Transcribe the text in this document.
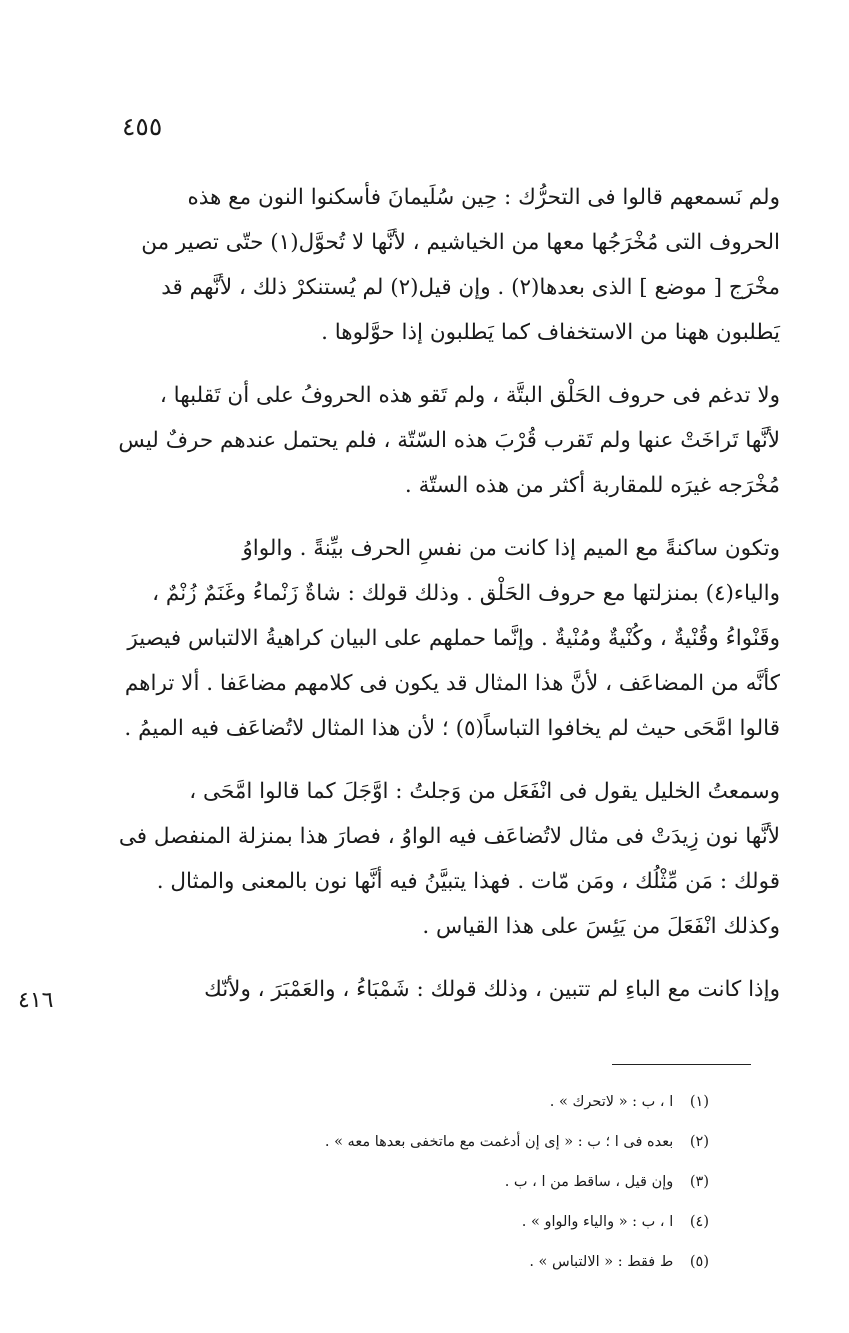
٤٥٥
ولم نَسمعهم قالوا فى التحرُّك : حِين سُلَيمانَ فأسكنوا النون مع هذه
الحروف التى مُخْرَجُها معها من الخياشيم ، لأنَّها لا تُحوَّل(١) حتّى تصير من
مخْرَج [ موضع ] الذى بعدها(٢) . وإن قيل(٢) لم يُستنكرْ ذلك ، لأنَّهم قد
يَطلبون ههنا من الاستخفاف كما يَطلبون إذا حوَّلوها .
ولا تدغم فى حروف الحَلْق البتَّة ، ولم تَقو هذه الحروفُ على أن تَقلبها ،
لأنَّها تَراخَتْ عنها ولم تَقرب قُرْبَ هذه السّتّة ، فلم يحتمل عندهم حرفٌ ليس
مُخْرَجه غيرَه للمقاربة أكثر من هذه الستّة .
وتكون ساكنةً مع الميم إذا كانت من نفسِ الحرف بيِّنةً . والواوُ
والياء(٤) بمنزلتها مع حروف الحَلْق . وذلك قولك : شاةٌ زَنْماءُ وغَنَمٌ زُنْمٌ ،
وقَنْواءُ وقُنْيةٌ ، وكُنْيةٌ ومُنْيةٌ . وإنَّما حملهم على البيان كراهيةُ الالتباس فيصيرَ
كأنَّه من المضاعَف ، لأنَّ هذا المثال قد يكون فى كلامهم مضاعَفا . ألا تراهم
قالوا امَّحَى حيث لم يخافوا التباساً(٥) ؛ لأن هذا المثال لاتُضاعَف فيه الميمُ .
وسمعتُ الخليل يقول فى انْفَعَل من وَجلتُ : اوَّجَلَ كما قالوا امَّحَى ،
لأنَّها نون زِيدَتْ فى مثال لاتُضاعَف فيه الواوُ ، فصارَ هذا بمنزلة المنفصل فى
قولك : مَن مِّثْلُك ، ومَن مّات . فهذا يتبيَّنُ فيه أنَّها نون بالمعنى والمثال .
وكذلك انْفَعَلَ من يَئِسَ على هذا القياس .
وإذا كانت مع الباءِ لم تتبين ، وذلك قولك : شَمْبَاءُ ، والعَمْبَرَ ، ولأنّك
٤١٦
(١) ا ، ب : « لاتحرك » .
(٢) بعده فى ا ؛ ب : « إى إن أدغمت مع ماتخفى بعدها معه » .
(٣) وإن قيل ، ساقط من ا ، ب .
(٤) ا ، ب : « والياء والواو » .
(٥) ط فقط : « الالتباس » .
